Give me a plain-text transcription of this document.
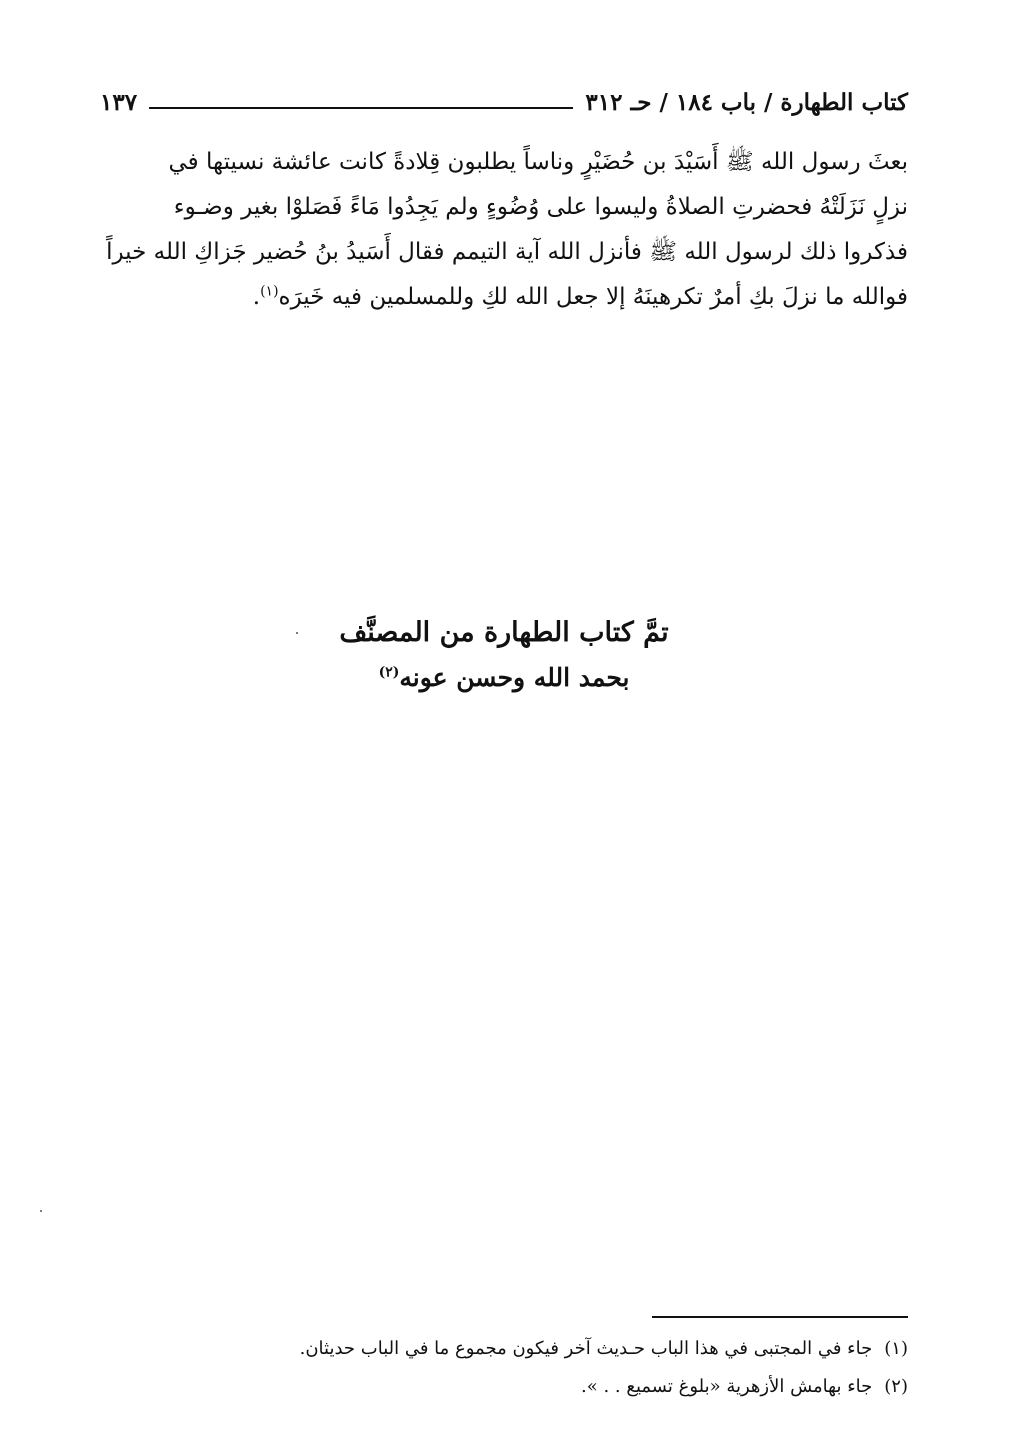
كتاب الطهارة / باب ١٨٤ / حـ ٣١٢
١٣٧
بعثَ رسول الله ﷺ أَسَيْدَ بن حُضَيْرٍ وناساً يطلبون قِلادةً كانت عائشة نسيتها في
نزلٍ نَزَلَتْهُ فحضرتِ الصلاةُ وليسوا على وُضُوءٍ ولم يَجِدُوا مَاءً فَصَلوْا بغير وضـوء
فذكروا ذلك لرسول الله ﷺ فأنزل الله آية التيمم فقال أَسَيدُ بنُ حُضير جَزاكِ الله خيراً
فوالله ما نزلَ بكِ أمرٌ تكرهينَهُ إلا جعل الله لكِ وللمسلمين فيه خَيرَه$^{(١)}$.
تمَّ كتاب الطهارة من المصنَّف
بحمد الله وحسن عونه$^{(٢)}$
(١)جاء في المجتبى في هذا الباب حـديث آخر فيكون مجموع ما في الباب حديثان.
(٢)جاء بهامش الأزهرية «بلوغ تسميع . . ».
